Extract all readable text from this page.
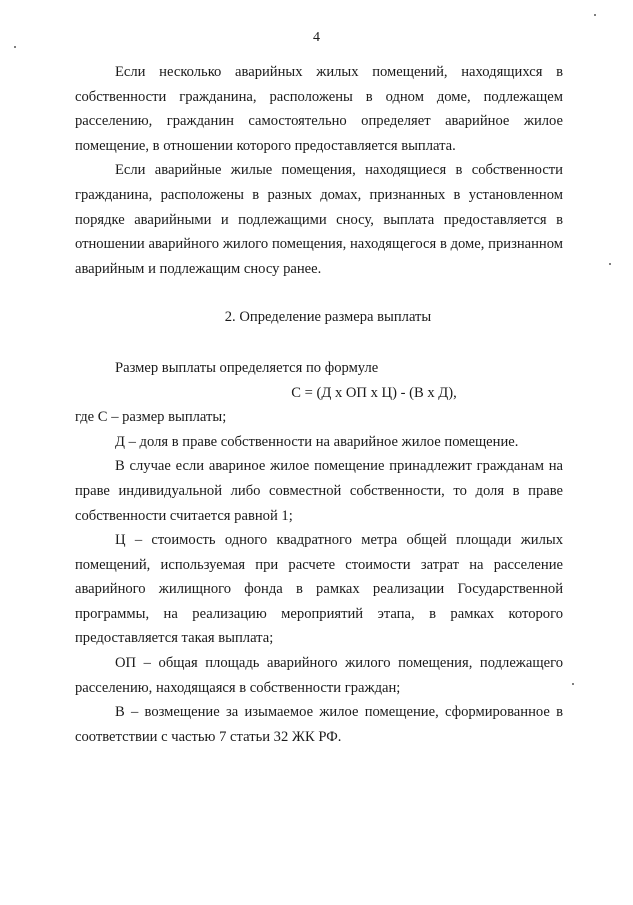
4

Если несколько аварийных жилых помещений, находящихся в собственности гражданина, расположены в одном доме, подлежащем расселению, гражданин самостоятельно определяет аварийное жилое помещение, в отношении которого предоставляется выплата.

Если аварийные жилые помещения, находящиеся в собственности гражданина, расположены в разных домах, признанных в установленном порядке аварийными и подлежащими сносу, выплата предоставляется в отношении аварийного жилого помещения, находящегося в доме, признанном аварийным и подлежащим сносу ранее.

2. Определение размера выплаты

Размер выплаты определяется по формуле

С = (Д х ОП х Ц) - (В х Д),

где С – размер выплаты;

Д – доля в праве собственности на аварийное жилое помещение.

В случае если авариное жилое помещение принадлежит гражданам на праве индивидуальной либо совместной собственности, то доля в праве собственности считается равной 1;

Ц – стоимость одного квадратного метра общей площади жилых помещений, используемая при расчете стоимости затрат на расселение аварийного жилищного фонда в рамках реализации Государственной программы, на реализацию мероприятий этапа, в рамках которого предоставляется такая выплата;

ОП – общая площадь аварийного жилого помещения, подлежащего расселению, находящаяся в собственности граждан;

В – возмещение за изымаемое жилое помещение, сформированное в соответствии с частью 7 статьи 32 ЖК РФ.
